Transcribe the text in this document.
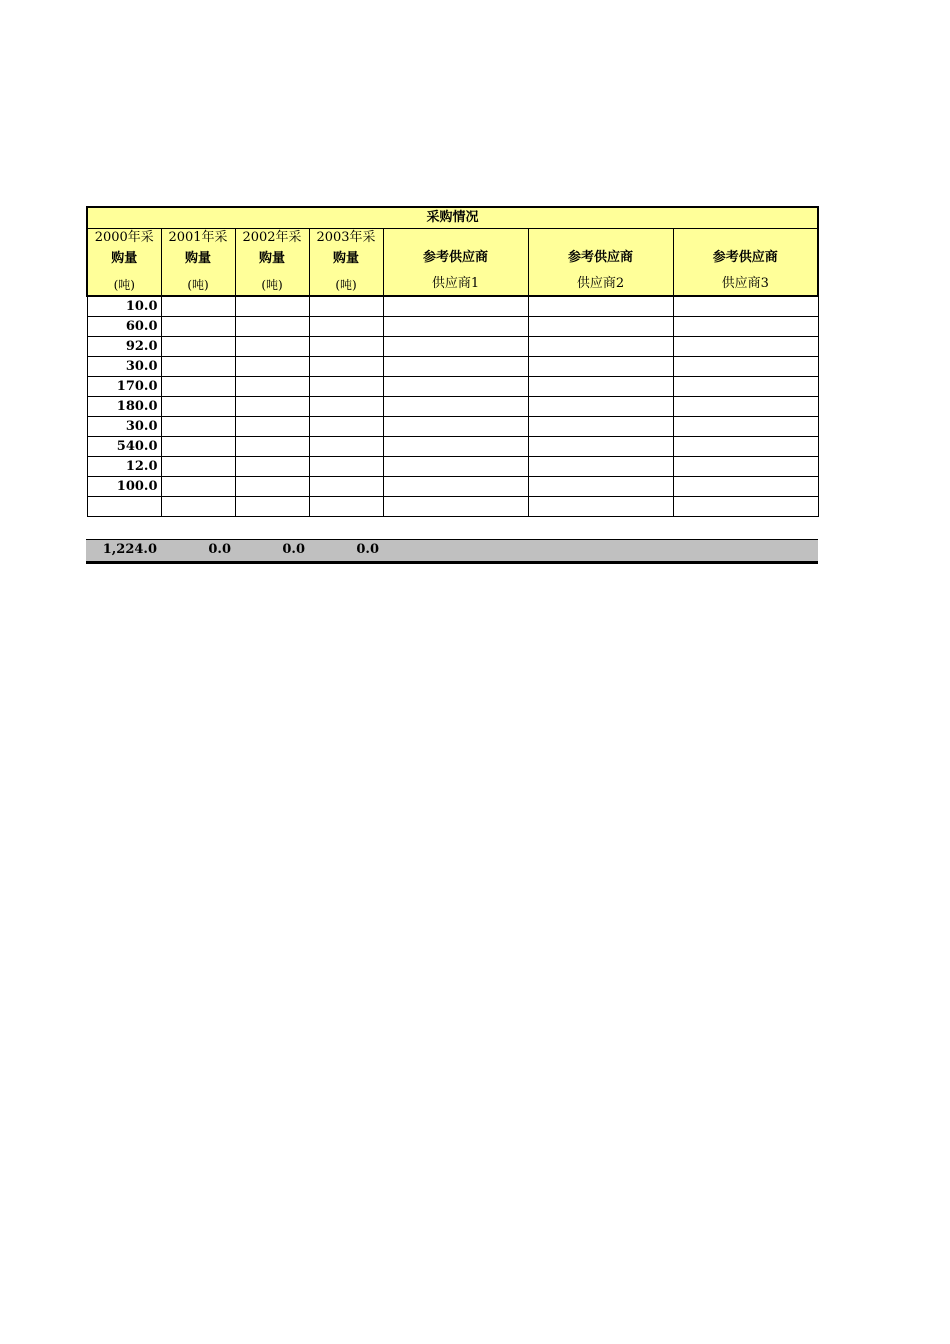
采购情况						

2000年采
购量
(吨)	2001年采
购量
(吨)	2002年采
购量
(吨)	2003年采
购量
(吨)	参考供应商
供应商1	参考供应商
供应商2	参考供应商
供应商3

10.0						
60.0						
92.0						
30.0						
170.0						
180.0						
30.0						
540.0						
12.0						
100.0						

1,224.0	0.0	0.0	0.0
